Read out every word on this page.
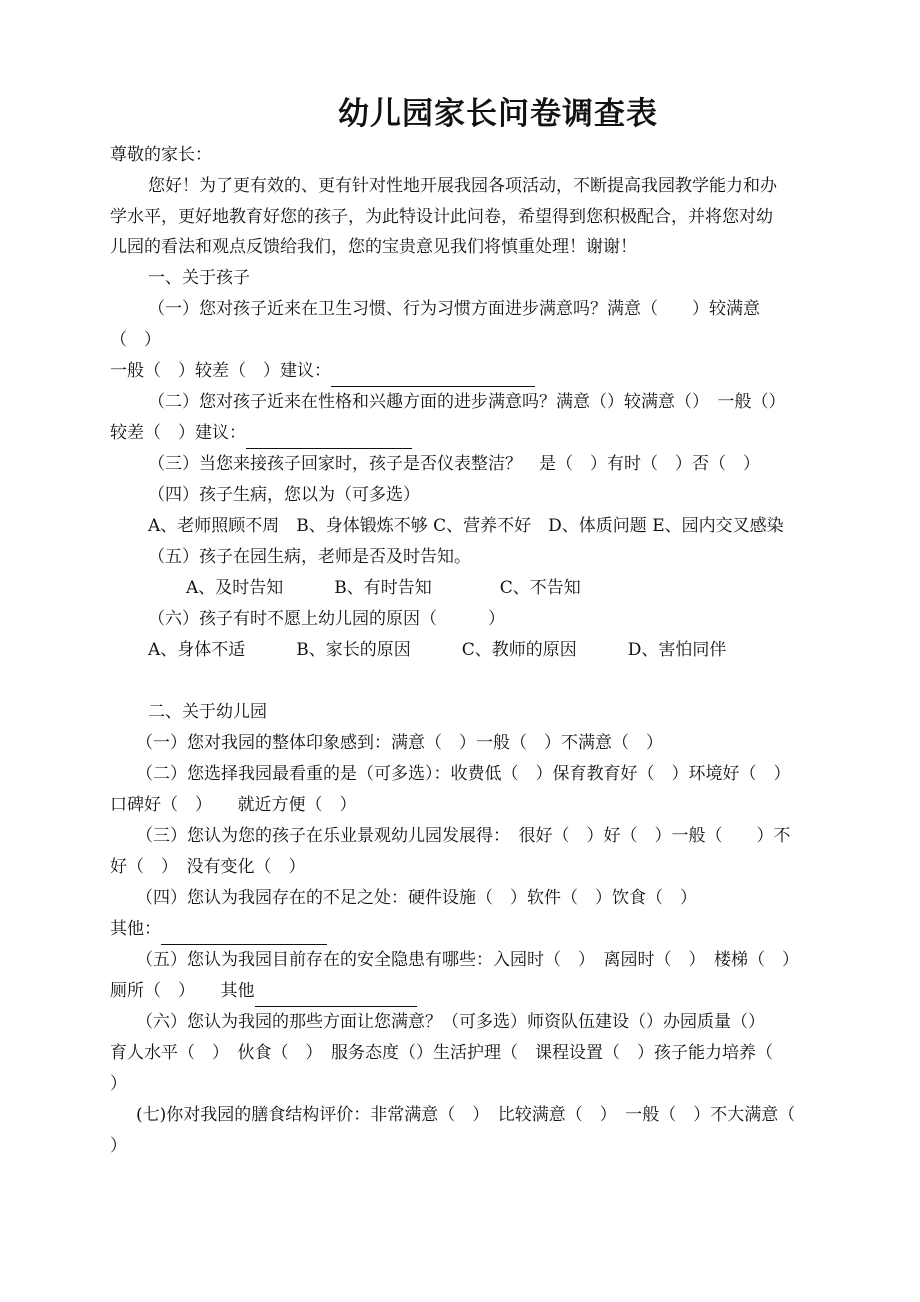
幼儿园家长问卷调查表
尊敬的家长：
您好！为了更有效的、更有针对性地开展我园各项活动，不断提高我园教学能力和办
学水平，更好地教育好您的孩子，为此特设计此问卷，希望得到您积极配合，并将您对幼
儿园的看法和观点反馈给我们，您的宝贵意见我们将慎重处理！谢谢！
一、关于孩子
（一）您对孩子近来在卫生习惯、行为习惯方面进步满意吗？满意（　　）较满意
（　）
一般（　）较差（　）建议：
（二）您对孩子近来在性格和兴趣方面的进步满意吗？满意（）较满意（）　一般（）
较差（　）建议：
（三）当您来接孩子回家时，孩子是否仪表整洁？　是（　）有时（　）否（　）
（四）孩子生病，您以为（可多选）
A、老师照顾不周　B、身体锻炼不够 C、营养不好　D、体质问题 E、园内交叉感染
（五）孩子在园生病，老师是否及时告知。
A、及时告知　　　B、有时告知　　　　C、不告知
（六）孩子有时不愿上幼儿园的原因（　　　）
A、身体不适　　　B、家长的原因　　　C、教师的原因　　　D、害怕同伴
二、关于幼儿园
（一）您对我园的整体印象感到：满意（　）一般（　）不满意（　）
（二）您选择我园最看重的是（可多选）：收费低（　）保育教育好（　）环境好（　）
口碑好（　）　　就近方便（　）
（三）您认为您的孩子在乐业景观幼儿园发展得：　很好（　）好（　）一般（　　）不
好（　）　没有变化（　）
（四）您认为我园存在的不足之处：硬件设施（　）软件（　）饮食（　）
其他：
（五）您认为我园目前存在的安全隐患有哪些：入园时（　）　离园时（　）　楼梯（　）
厕所（　）　　其他
（六）您认为我园的那些方面让您满意？（可多选）师资队伍建设（）办园质量（）
育人水平（　）　伙食（　）　服务态度（）生活护理（　课程设置（　）孩子能力培养（
）
(七)你对我园的膳食结构评价：非常满意（　）　比较满意（　）　一般（　）不大满意（
）
